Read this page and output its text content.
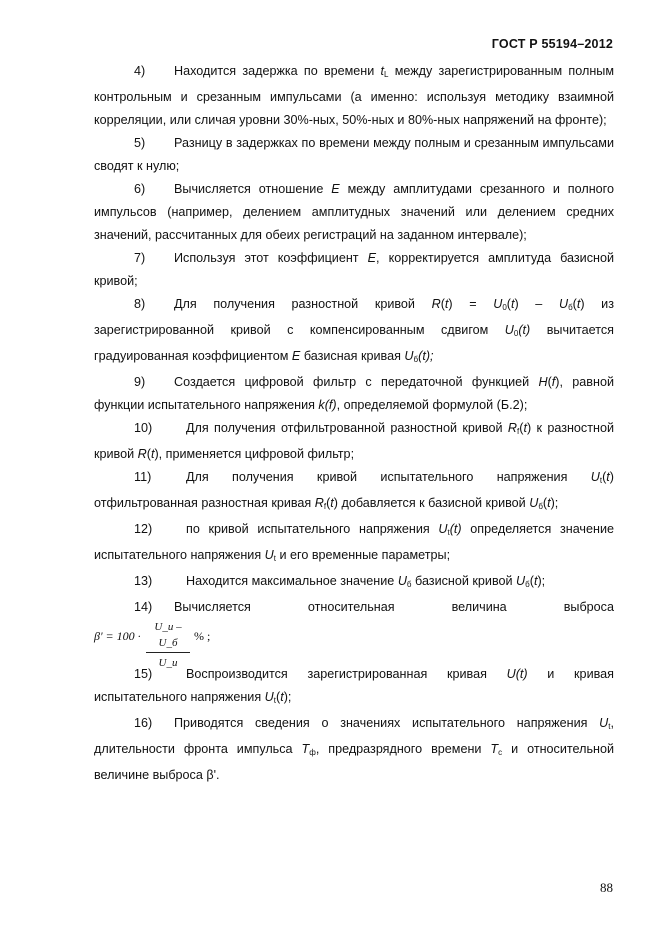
ГОСТ Р 55194–2012

4) Находится задержка по времени $t_L$ между зарегистрированным полным контрольным и срезанным импульсами (а именно: используя методику взаимной корреляции, или сличая уровни 30%-ных, 50%-ных и 80%-ных напряжений на фронте);

5) Разницу в задержках по времени между полным и срезанным импульсами сводят к нулю;

6) Вычисляется отношение E между амплитудами срезанного и полного импульсов (например, делением амплитудных значений или делением средних значений, рассчитанных для обеих регистраций на заданном интервале);

7) Используя этот коэффициент E, корректируется амплитуда базисной кривой;

8) Для получения разностной кривой $R(t) = U_0(t) - U_б(t)$ из зарегистрированной кривой с компенсированным сдвигом $U_0(t)$ вычитается градуированная коэффициентом E базисная кривая $U_б(t)$;

9) Создается цифровой фильтр с передаточной функцией H(f), равной функции испытательного напряжения k(f), определяемой формулой (Б.2);

10)	Для получения отфильтрованной разностной кривой $R_f(t)$ к разностной кривой R(t), применяется цифровой фильтр;

11)	Для получения кривой испытательного напряжения $U_t(t)$ отфильтрованная разностная кривая $R_f(t)$ добавляется к базисной кривой $U_б(t)$;

12)	по кривой испытательного напряжения $U_t(t)$ определяется значение испытательного напряжения $U_t$ и его временные параметры;

13)	Находится максимальное значение $U_б$ базисной кривой $U_б(t)$;

14) Вычисляется относительная величина выброса

β' = 100 ·
U_и – U_б
U_и
% ;

15)	Воспроизводится зарегистрированная кривая U(t) и кривая испытательного напряжения $U_t(t)$;

16) Приводятся сведения о значениях испытательного напряжения $U_t$, длительности фронта импульса $T_ф$, предразрядного времени $T_c$ и относительной величине выброса β'.

88
